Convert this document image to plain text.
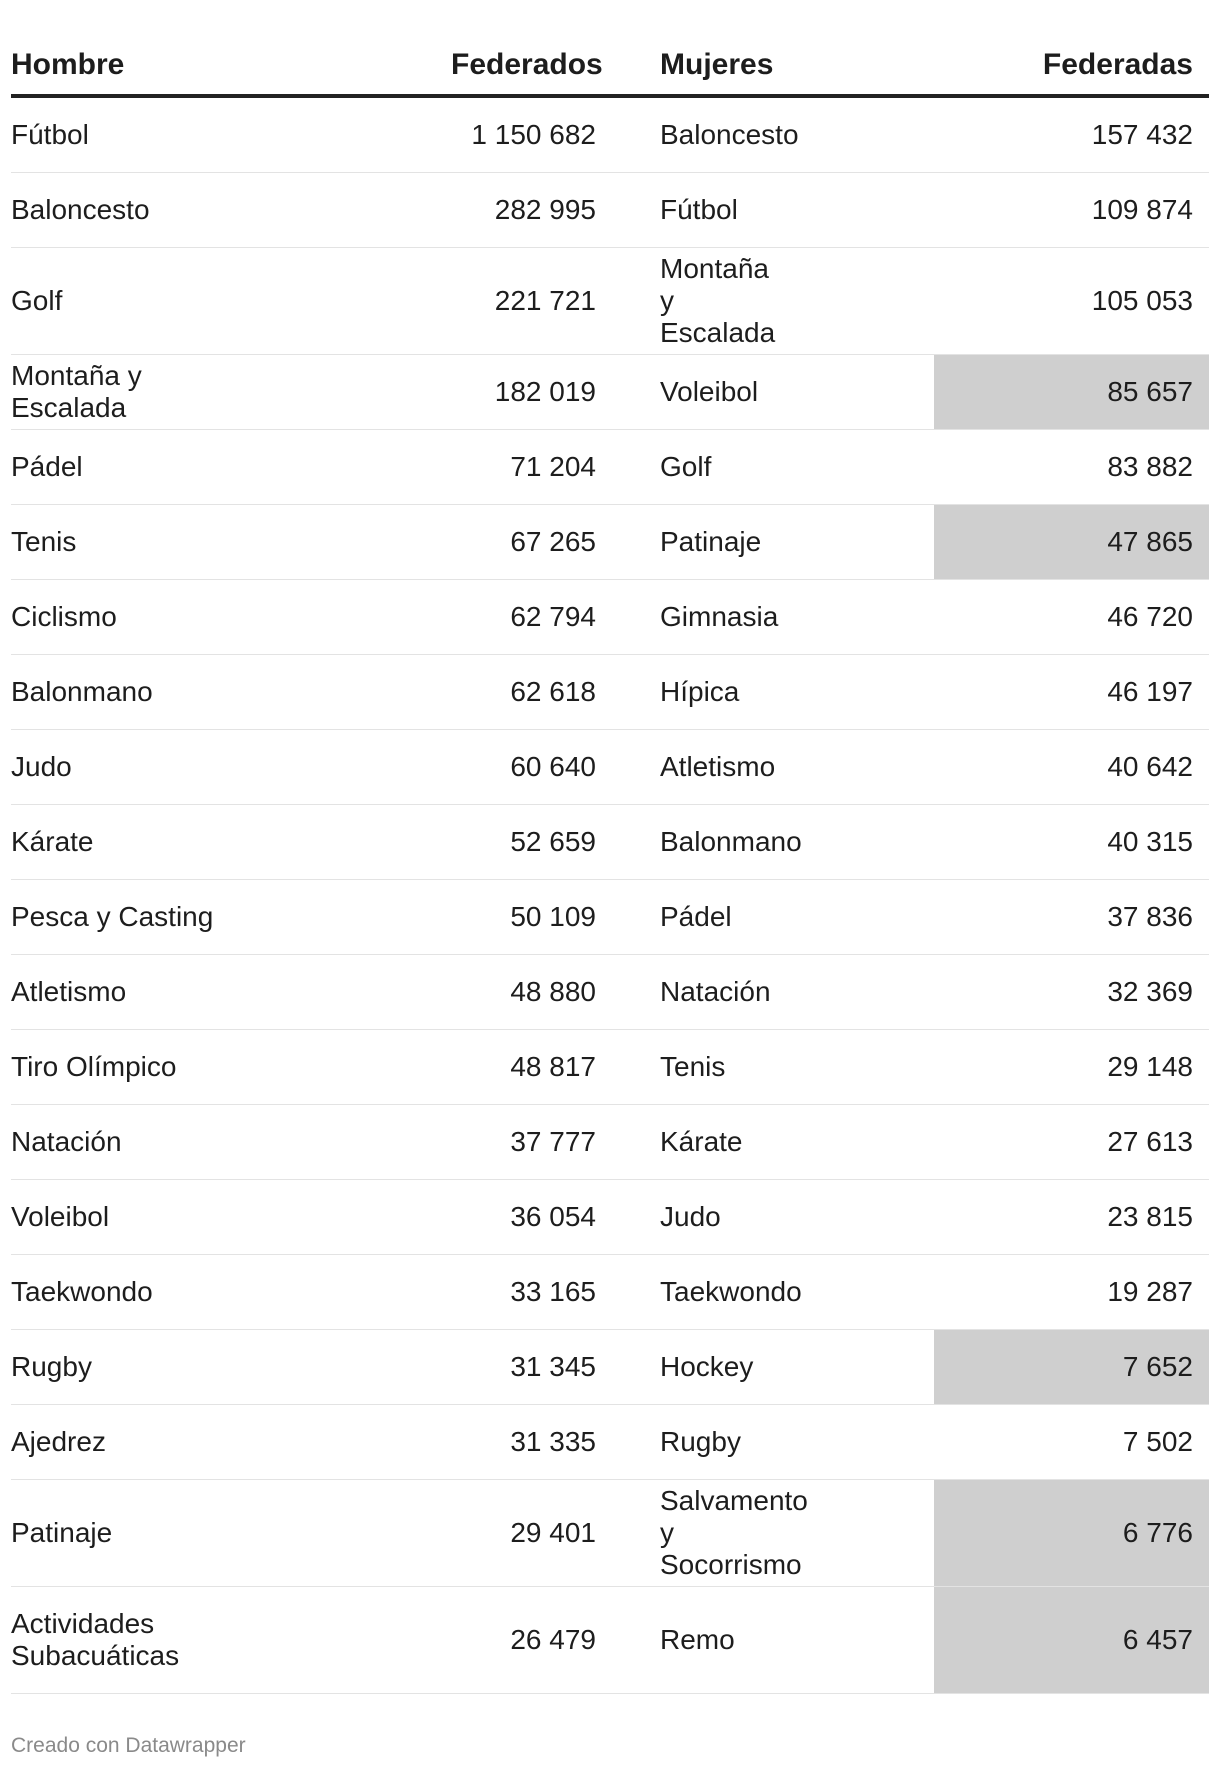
Hombre	Federados	Mujeres	Federadas
Fútbol	1 150 682	Baloncesto	157 432
Baloncesto	282 995	Fútbol	109 874
Golf	221 721	Montaña y Escalada	105 053
Montaña y Escalada	182 019	Voleibol	85 657
Pádel	71 204	Golf	83 882
Tenis	67 265	Patinaje	47 865
Ciclismo	62 794	Gimnasia	46 720
Balonmano	62 618	Hípica	46 197
Judo	60 640	Atletismo	40 642
Kárate	52 659	Balonmano	40 315
Pesca y Casting	50 109	Pádel	37 836
Atletismo	48 880	Natación	32 369
Tiro Olímpico	48 817	Tenis	29 148
Natación	37 777	Kárate	27 613
Voleibol	36 054	Judo	23 815
Taekwondo	33 165	Taekwondo	19 287
Rugby	31 345	Hockey	7 652
Ajedrez	31 335	Rugby	7 502
Patinaje	29 401	Salvamento y Socorrismo	6 776
Actividades Subacuáticas	26 479	Remo	6 457
Creado con Datawrapper
